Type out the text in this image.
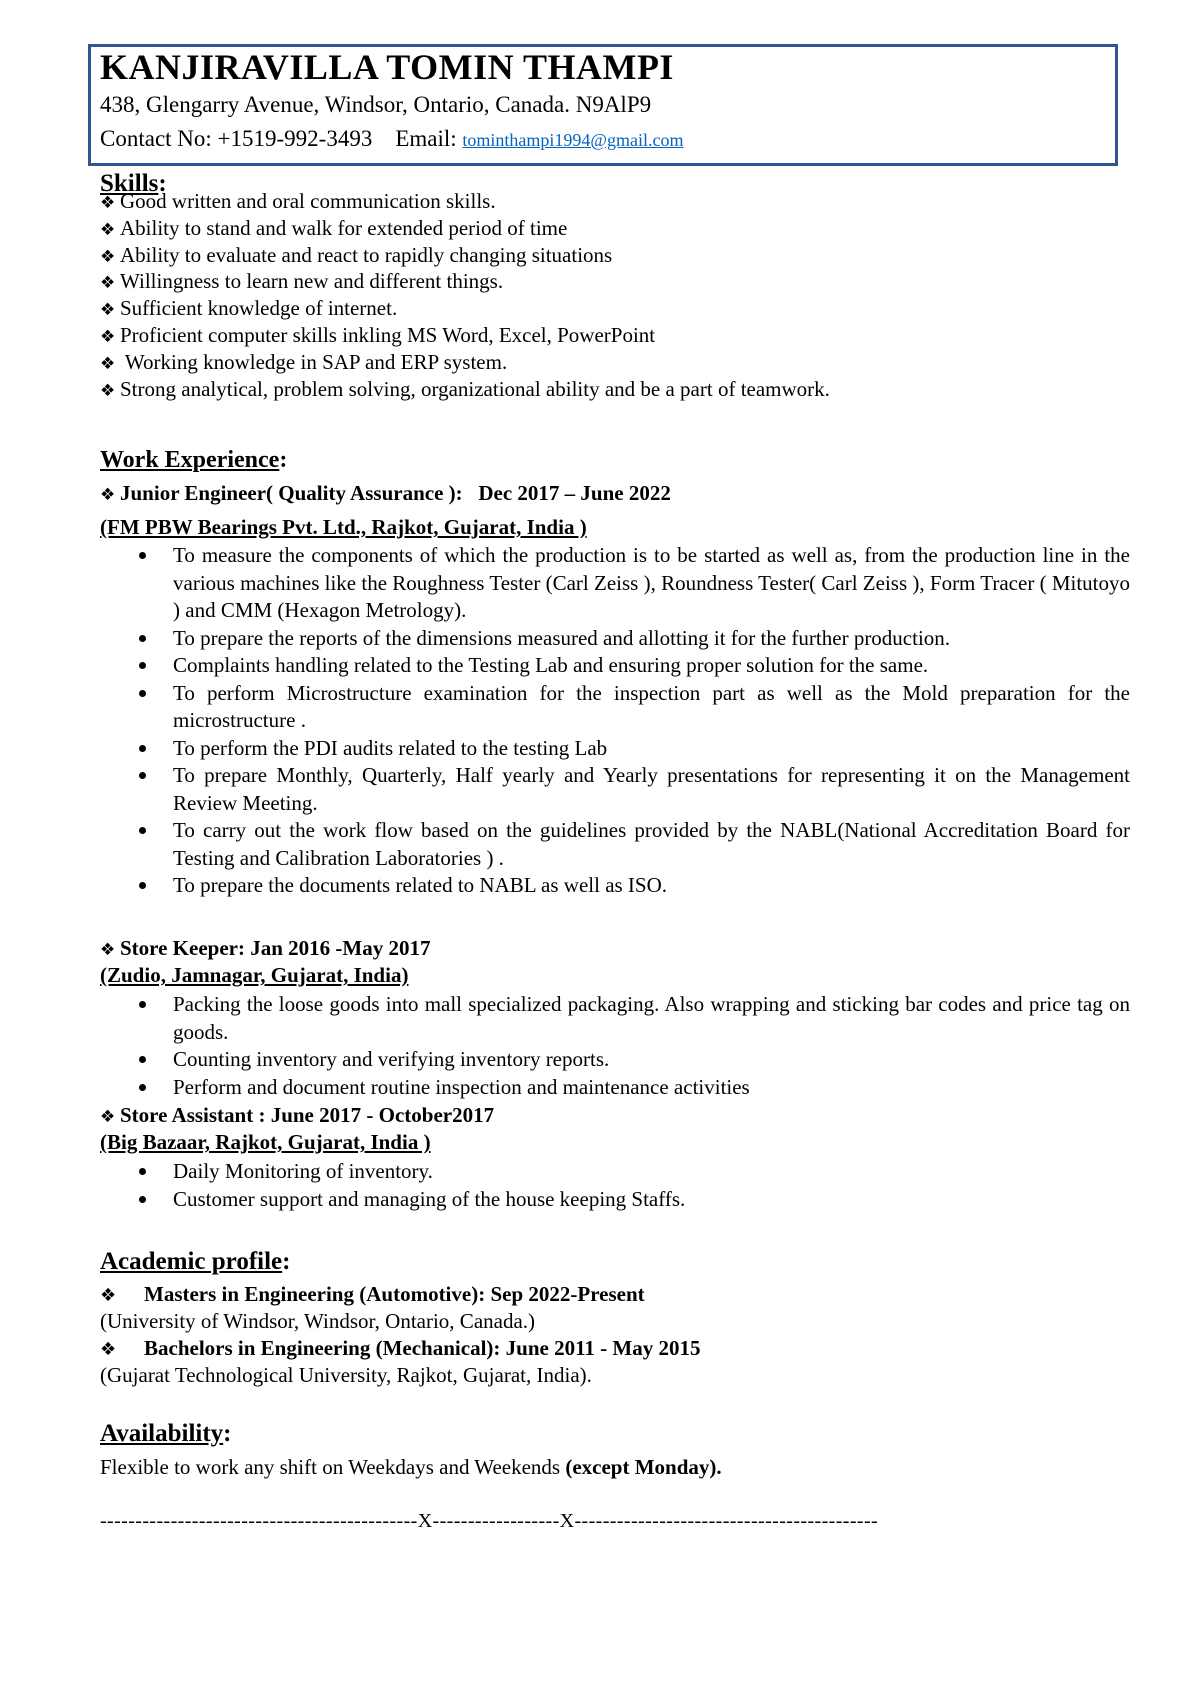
KANJIRAVILLA TOMIN THAMPI
438, Glengarry Avenue, Windsor, Ontario, Canada. N9AlP9
Contact No: +1519-992-3493 Email: tominthampi1994@gmail.com
Skills:
❖ Good written and oral communication skills.
❖ Ability to stand and walk for extended period of time
❖ Ability to evaluate and react to rapidly changing situations
❖ Willingness to learn new and different things.
❖ Sufficient knowledge of internet.
❖ Proficient computer skills inkling MS Word, Excel, PowerPoint
❖ Working knowledge in SAP and ERP system.
❖ Strong analytical, problem solving, organizational ability and be a part of teamwork.
Work Experience:
❖ Junior Engineer( Quality Assurance ):   Dec 2017 – June 2022
(FM PBW Bearings Pvt. Ltd., Rajkot, Gujarat, India )
To measure the components of which the production is to be started as well as, from the production line in the various machines like the Roughness Tester (Carl Zeiss ), Roundness Tester( Carl Zeiss ), Form Tracer ( Mitutoyo ) and CMM (Hexagon Metrology).
To prepare the reports of the dimensions measured and allotting it for the further production.
Complaints handling related to the Testing Lab and ensuring proper solution for the same.
To perform Microstructure examination for the inspection part as well as the Mold preparation for the microstructure .
To perform the PDI audits related to the testing Lab
To prepare Monthly, Quarterly, Half yearly and Yearly presentations for representing it on the Management Review Meeting.
To carry out the work flow based on the guidelines provided by the NABL(National Accreditation Board for Testing and Calibration Laboratories ) .
To prepare the documents related to NABL as well as ISO.
❖ Store Keeper: Jan 2016 -May 2017
(Zudio, Jamnagar, Gujarat, India)
Packing the loose goods into mall specialized packaging. Also wrapping and sticking bar codes and price tag on goods.
Counting inventory and verifying inventory reports.
Perform and document routine inspection and maintenance activities
❖ Store Assistant : June 2017 - October2017
(Big Bazaar, Rajkot, Gujarat, India )
Daily Monitoring of inventory.
Customer support and managing of the house keeping Staffs.
Academic profile:
❖ Masters in Engineering (Automotive): Sep 2022-Present
(University of Windsor, Windsor, Ontario, Canada.)
❖ Bachelors in Engineering (Mechanical): June 2011 - May 2015
(Gujarat Technological University, Rajkot, Gujarat, India).
Availability:
Flexible to work any shift on Weekdays and Weekends (except Monday).
---------------------------------------------X------------------X-------------------------------------------
